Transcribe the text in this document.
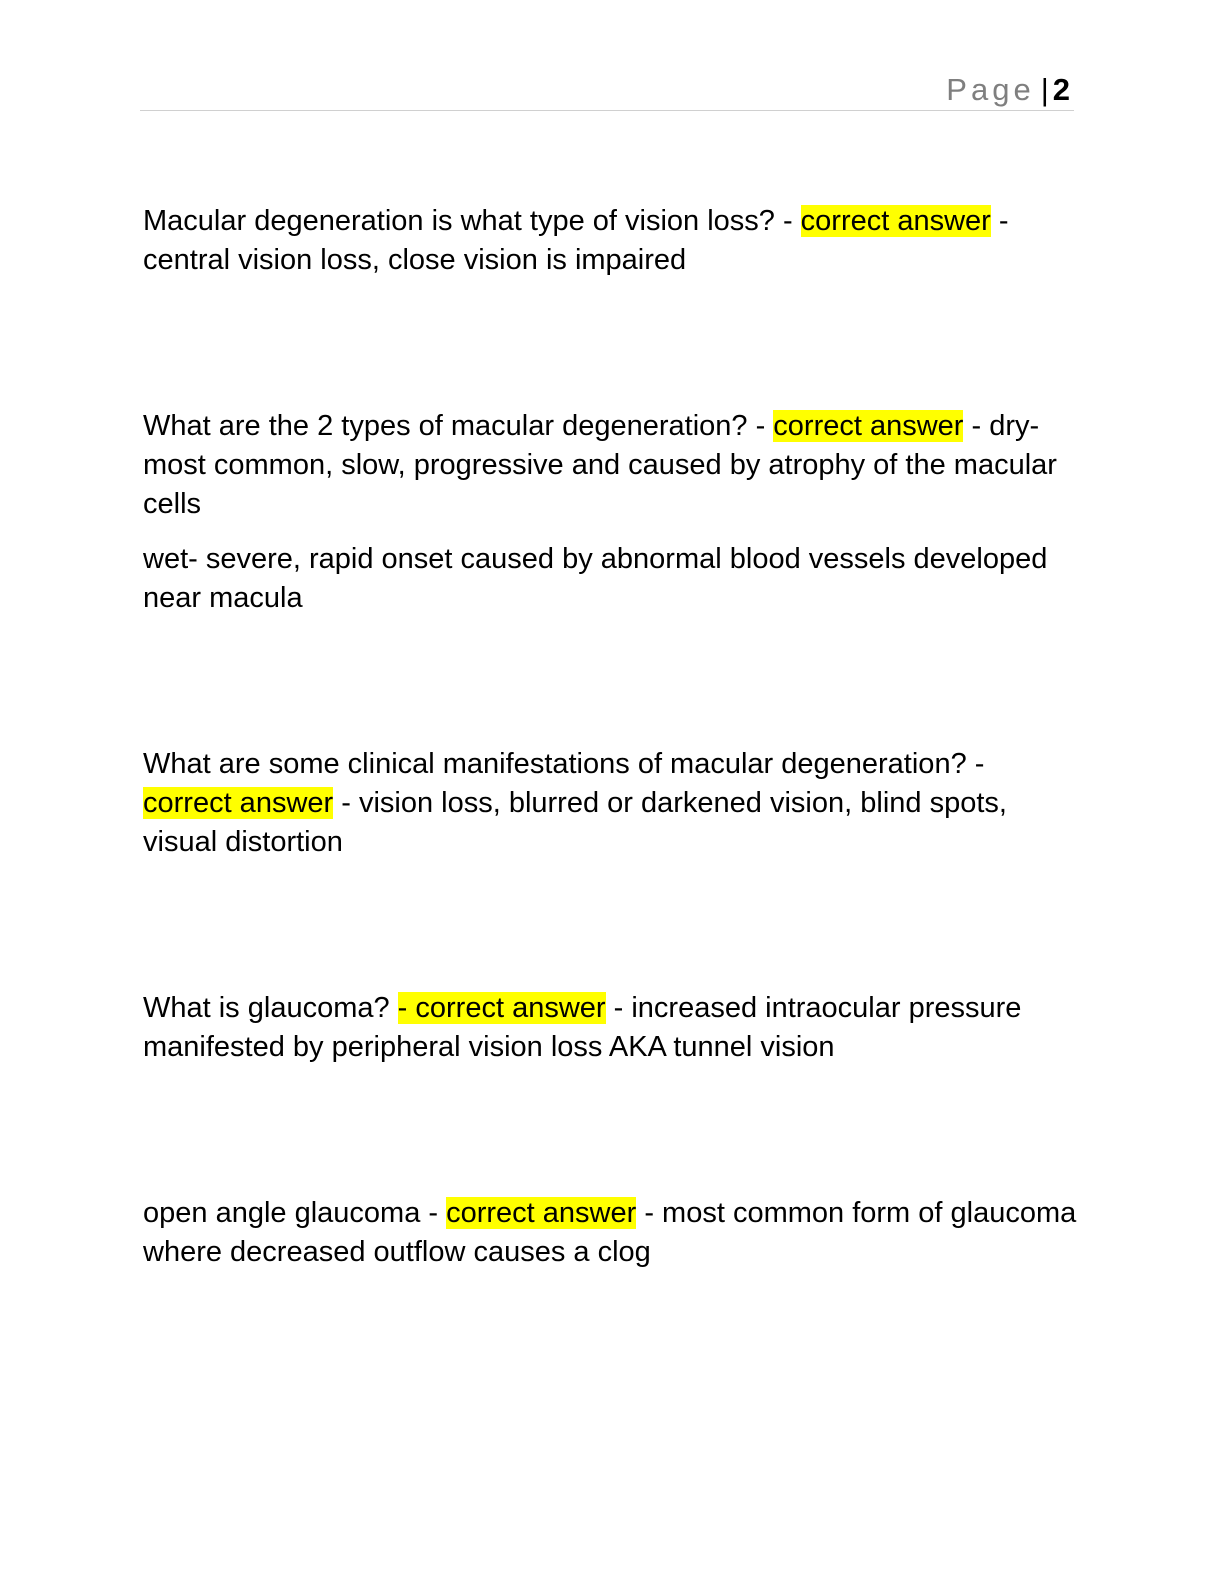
Page | 2

Macular degeneration is what type of vision loss? - correct answer - central vision loss, close vision is impaired

What are the 2 types of macular degeneration? - correct answer - dry- most common, slow, progressive and caused by atrophy of the macular cells

wet- severe, rapid onset caused by abnormal blood vessels developed near macula

What are some clinical manifestations of macular degeneration? - correct answer - vision loss, blurred or darkened vision, blind spots, visual distortion

What is glaucoma? - correct answer - increased intraocular pressure manifested by peripheral vision loss AKA tunnel vision

open angle glaucoma - correct answer - most common form of glaucoma where decreased outflow causes a clog
